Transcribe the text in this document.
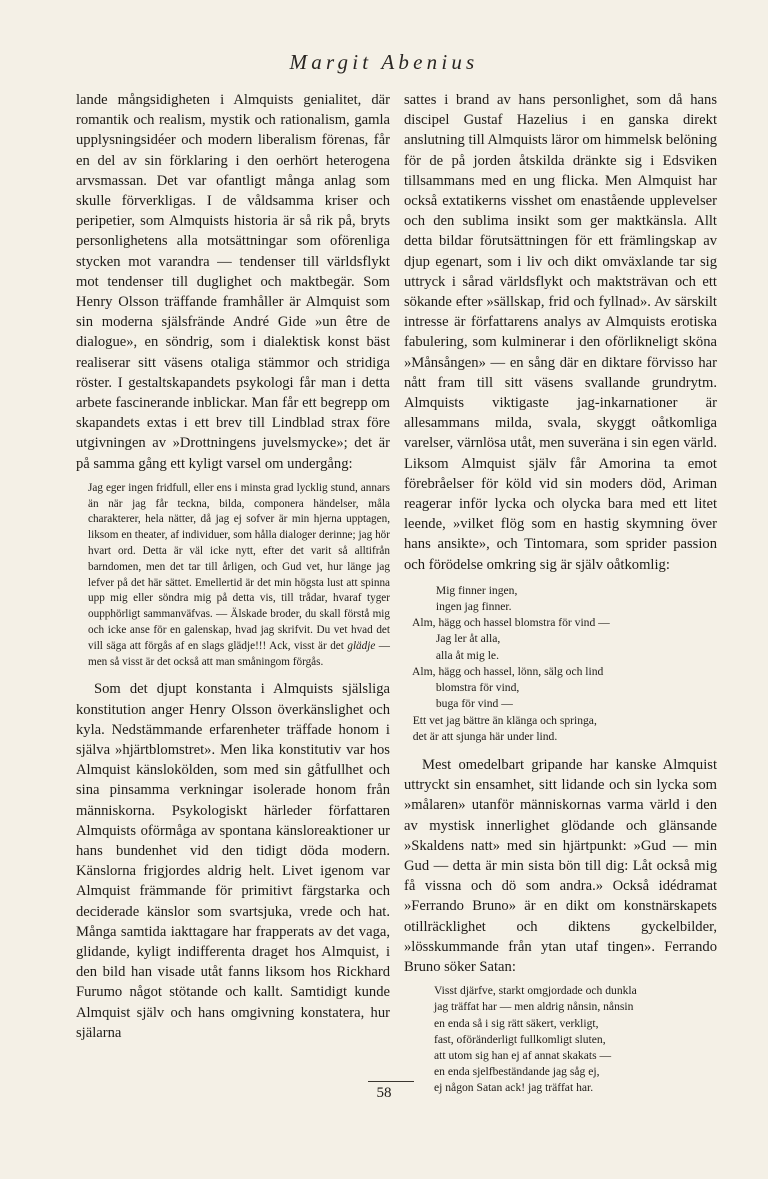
Margit Abenius

lande mångsidigheten i Almquists genialitet, där romantik och realism, mystik och rationalism, gamla upplysningsidéer och modern liberalism förenas, får en del av sin förklaring i den oerhört heterogena arvsmassan. Det var ofantligt många anlag som skulle förverkligas. I de våldsamma kriser och peripetier, som Almquists historia är så rik på, bryts personlighetens alla motsättningar som oförenliga stycken mot varandra — tendenser till världsflykt mot tendenser till duglighet och maktbegär. Som Henry Olsson träffande framhåller är Almquist som sin moderna själsfrände André Gide »un être de dialogue», en söndrig, som i dialektisk konst bäst realiserar sitt väsens otaliga stämmor och stridiga röster. I gestaltskapandets psykologi får man i detta arbete fascinerande inblickar. Man får ett begrepp om skapandets extas i ett brev till Lindblad strax före utgivningen av »Drottningens juvelsmycke»; det är på samma gång ett kyligt varsel om undergång:

Jag eger ingen fridfull, eller ens i minsta grad lycklig stund, annars än när jag får teckna, bilda, componera händelser, måla charakterer, hela nätter, då jag ej sofver är min hjerna upptagen, liksom en theater, af individuer, som hålla dialoger derinne; jag hör hvart ord. Detta är väl icke nytt, efter det varit så alltifrån barndomen, men det tar till årligen, och Gud vet, hur länge jag lefver på det här sättet. Emellertid är det min högsta lust att spinna upp mig eller söndra mig på detta vis, till trådar, hvaraf tyger oupphörligt sammanväfvas. — Älskade broder, du skall förstå mig och icke anse för en galenskap, hvad jag skrifvit. Du vet hvad det vill säga att förgås af en slags glädje!!! Ack, visst är det glädje — men så visst är det också att man småningom förgås.

Som det djupt konstanta i Almquists själsliga konstitution anger Henry Olsson överkänslighet och kyla. Nedstämmande erfarenheter träffade honom i själva »hjärtblomstret». Men lika konstitutiv var hos Almquist känslokölden, som med sin gåtfullhet och sina pinsamma verkningar isolerade honom från människorna. Psykologiskt härleder författaren Almquists oförmåga av spontana känsloreaktioner ur hans bundenhet vid den tidigt döda modern. Känslorna frigjordes aldrig helt. Livet igenom var Almquist främmande för primitivt färgstarka och deciderade känslor som svartsjuka, vrede och hat. Många samtida iakttagare har frapperats av det vaga, glidande, kyligt indifferenta draget hos Almquist, i den bild han visade utåt fanns liksom hos Rickhard Furumo något stötande och kallt. Samtidigt kunde Almquist själv och hans omgivning konstatera, hur själarna

sattes i brand av hans personlighet, som då hans discipel Gustaf Hazelius i en ganska direkt anslutning till Almquists läror om himmelsk belöning för de på jorden åtskilda dränkte sig i Edsviken tillsammans med en ung flicka. Men Almquist har också extatikerns visshet om enastående upplevelser och den sublima insikt som ger maktkänsla. Allt detta bildar förutsättningen för ett främlingskap av djup egenart, som i liv och dikt omväxlande tar sig uttryck i sårad världsflykt och maktsträvan och ett sökande efter »sällskap, frid och fyllnad». Av särskilt intresse är författarens analys av Almquists erotiska fabulering, som kulminerar i den oförlikneligt sköna »Månsången» — en sång där en diktare förvisso har nått fram till sitt väsens svallande grundrytm. Almquists viktigaste jag-inkarnationer är allesammans milda, svala, skyggt oåtkomliga varelser, värnlösa utåt, men suveräna i sin egen värld. Liksom Almquist själv får Amorina ta emot förebråelser för köld vid sin moders död, Ariman reagerar inför lycka och olycka bara med ett litet leende, »vilket flög som en hastig skymning över hans ansikte», och Tintomara, som sprider passion och förödelse omkring sig är själv oåtkomlig:

Mig finner ingen,
ingen jag finner.
Alm, hägg och hassel blomstra för vind —
Jag ler åt alla,
alla åt mig le.
Alm, hägg och hassel, lönn, sälg och lind
blomstra för vind,
buga för vind —
Ett vet jag bättre än klänga och springa,
det är att sjunga här under lind.

Mest omedelbart gripande har kanske Almquist uttryckt sin ensamhet, sitt lidande och sin lycka som »målaren» utanför människornas varma värld i den av mystisk innerlighet glödande och glänsande »Skaldens natt» med sin hjärtpunkt: »Gud — min Gud — detta är min sista bön till dig: Låt också mig få vissna och dö som andra.» Också idédramat »Ferrando Bruno» är en dikt om konstnärskapets otillräcklighet och diktens gyckelbilder, »lösskummande från ytan utaf tingen». Ferrando Bruno söker Satan:

Visst djärfve, starkt omgjordade och dunkla
jag träffat har — men aldrig nånsin, nånsin
en enda så i sig rätt säkert, verkligt,
fast, oföränderligt fullkomligt sluten,
att utom sig han ej af annat skakats —
en enda sjelfbeständande jag såg ej,
ej någon Satan ack! jag träffat har.
58
